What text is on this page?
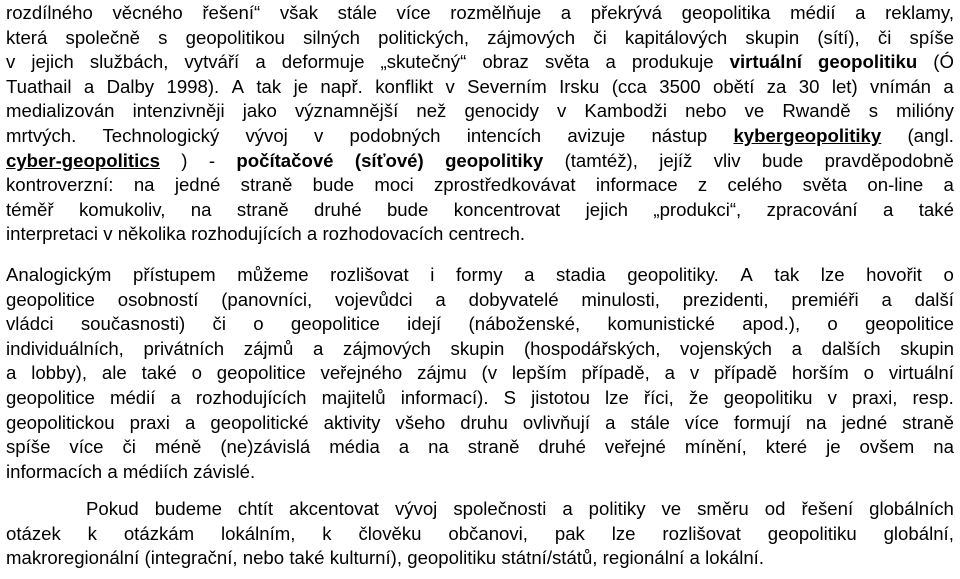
rozdílného věcného řešení“ však stále více rozmělňuje a překrývá geopolitika médií a reklamy,
která společně s geopolitikou silných politických, zájmových či kapitálových skupin (sítí), či spíše
v jejich službách, vytváří a deformuje „skutečný“ obraz světa a produkuje virtuální geopolitiku (Ó
Tuathail a Dalby 1998). A tak je např. konflikt v Severním Irsku (cca 3500 obětí za 30 let) vnímán a
medializován intenzivněji jako významnější než genocidy v Kambodži nebo ve Rwandě s milióny
mrtvých. Technologický vývoj v podobných intencích avizuje nástup kybergeopolitiky (angl.
cyber-geopolitics ) - počítačové (síťové) geopolitiky (tamtéž), jejíž vliv bude pravděpodobně
kontroverzní: na jedné straně bude moci zprostředkovávat informace z celého světa on-line a
téměř komukoliv, na straně druhé bude koncentrovat jejich „produkci“, zpracování a také
interpretaci v několika rozhodujících a rozhodovacích centrech.
Analogickým přístupem můžeme rozlišovat i formy a stadia geopolitiky. A tak lze hovořit o
geopolitice osobností (panovníci, vojevůdci a dobyvatelé minulosti, prezidenti, premiéři a další
vládci současnosti) či o geopolitice idejí (náboženské, komunistické apod.), o geopolitice
individuálních, privátních zájmů a zájmových skupin (hospodářských, vojenských a dalších skupin
a lobby), ale také o geopolitice veřejného zájmu (v lepším případě, a v případě horším o virtuální
geopolitice médií a rozhodujících majitelů informací). S jistotou lze říci, že geopolitiku v praxi, resp.
geopolitickou praxi a geopolitické aktivity všeho druhu ovlivňují a stále více formují na jedné straně
spíše více či méně (ne)závislá média a na straně druhé veřejné mínění, které je ovšem na
informacích a médiích závislé.
Pokud budeme chtít akcentovat vývoj společnosti a politiky ve směru od řešení globálních
otázek k otázkám lokálním, k člověku občanovi, pak lze rozlišovat geopolitiku globální,
makroregionální (integrační, nebo také kulturní), geopolitiku státní/států, regionální a lokální.
